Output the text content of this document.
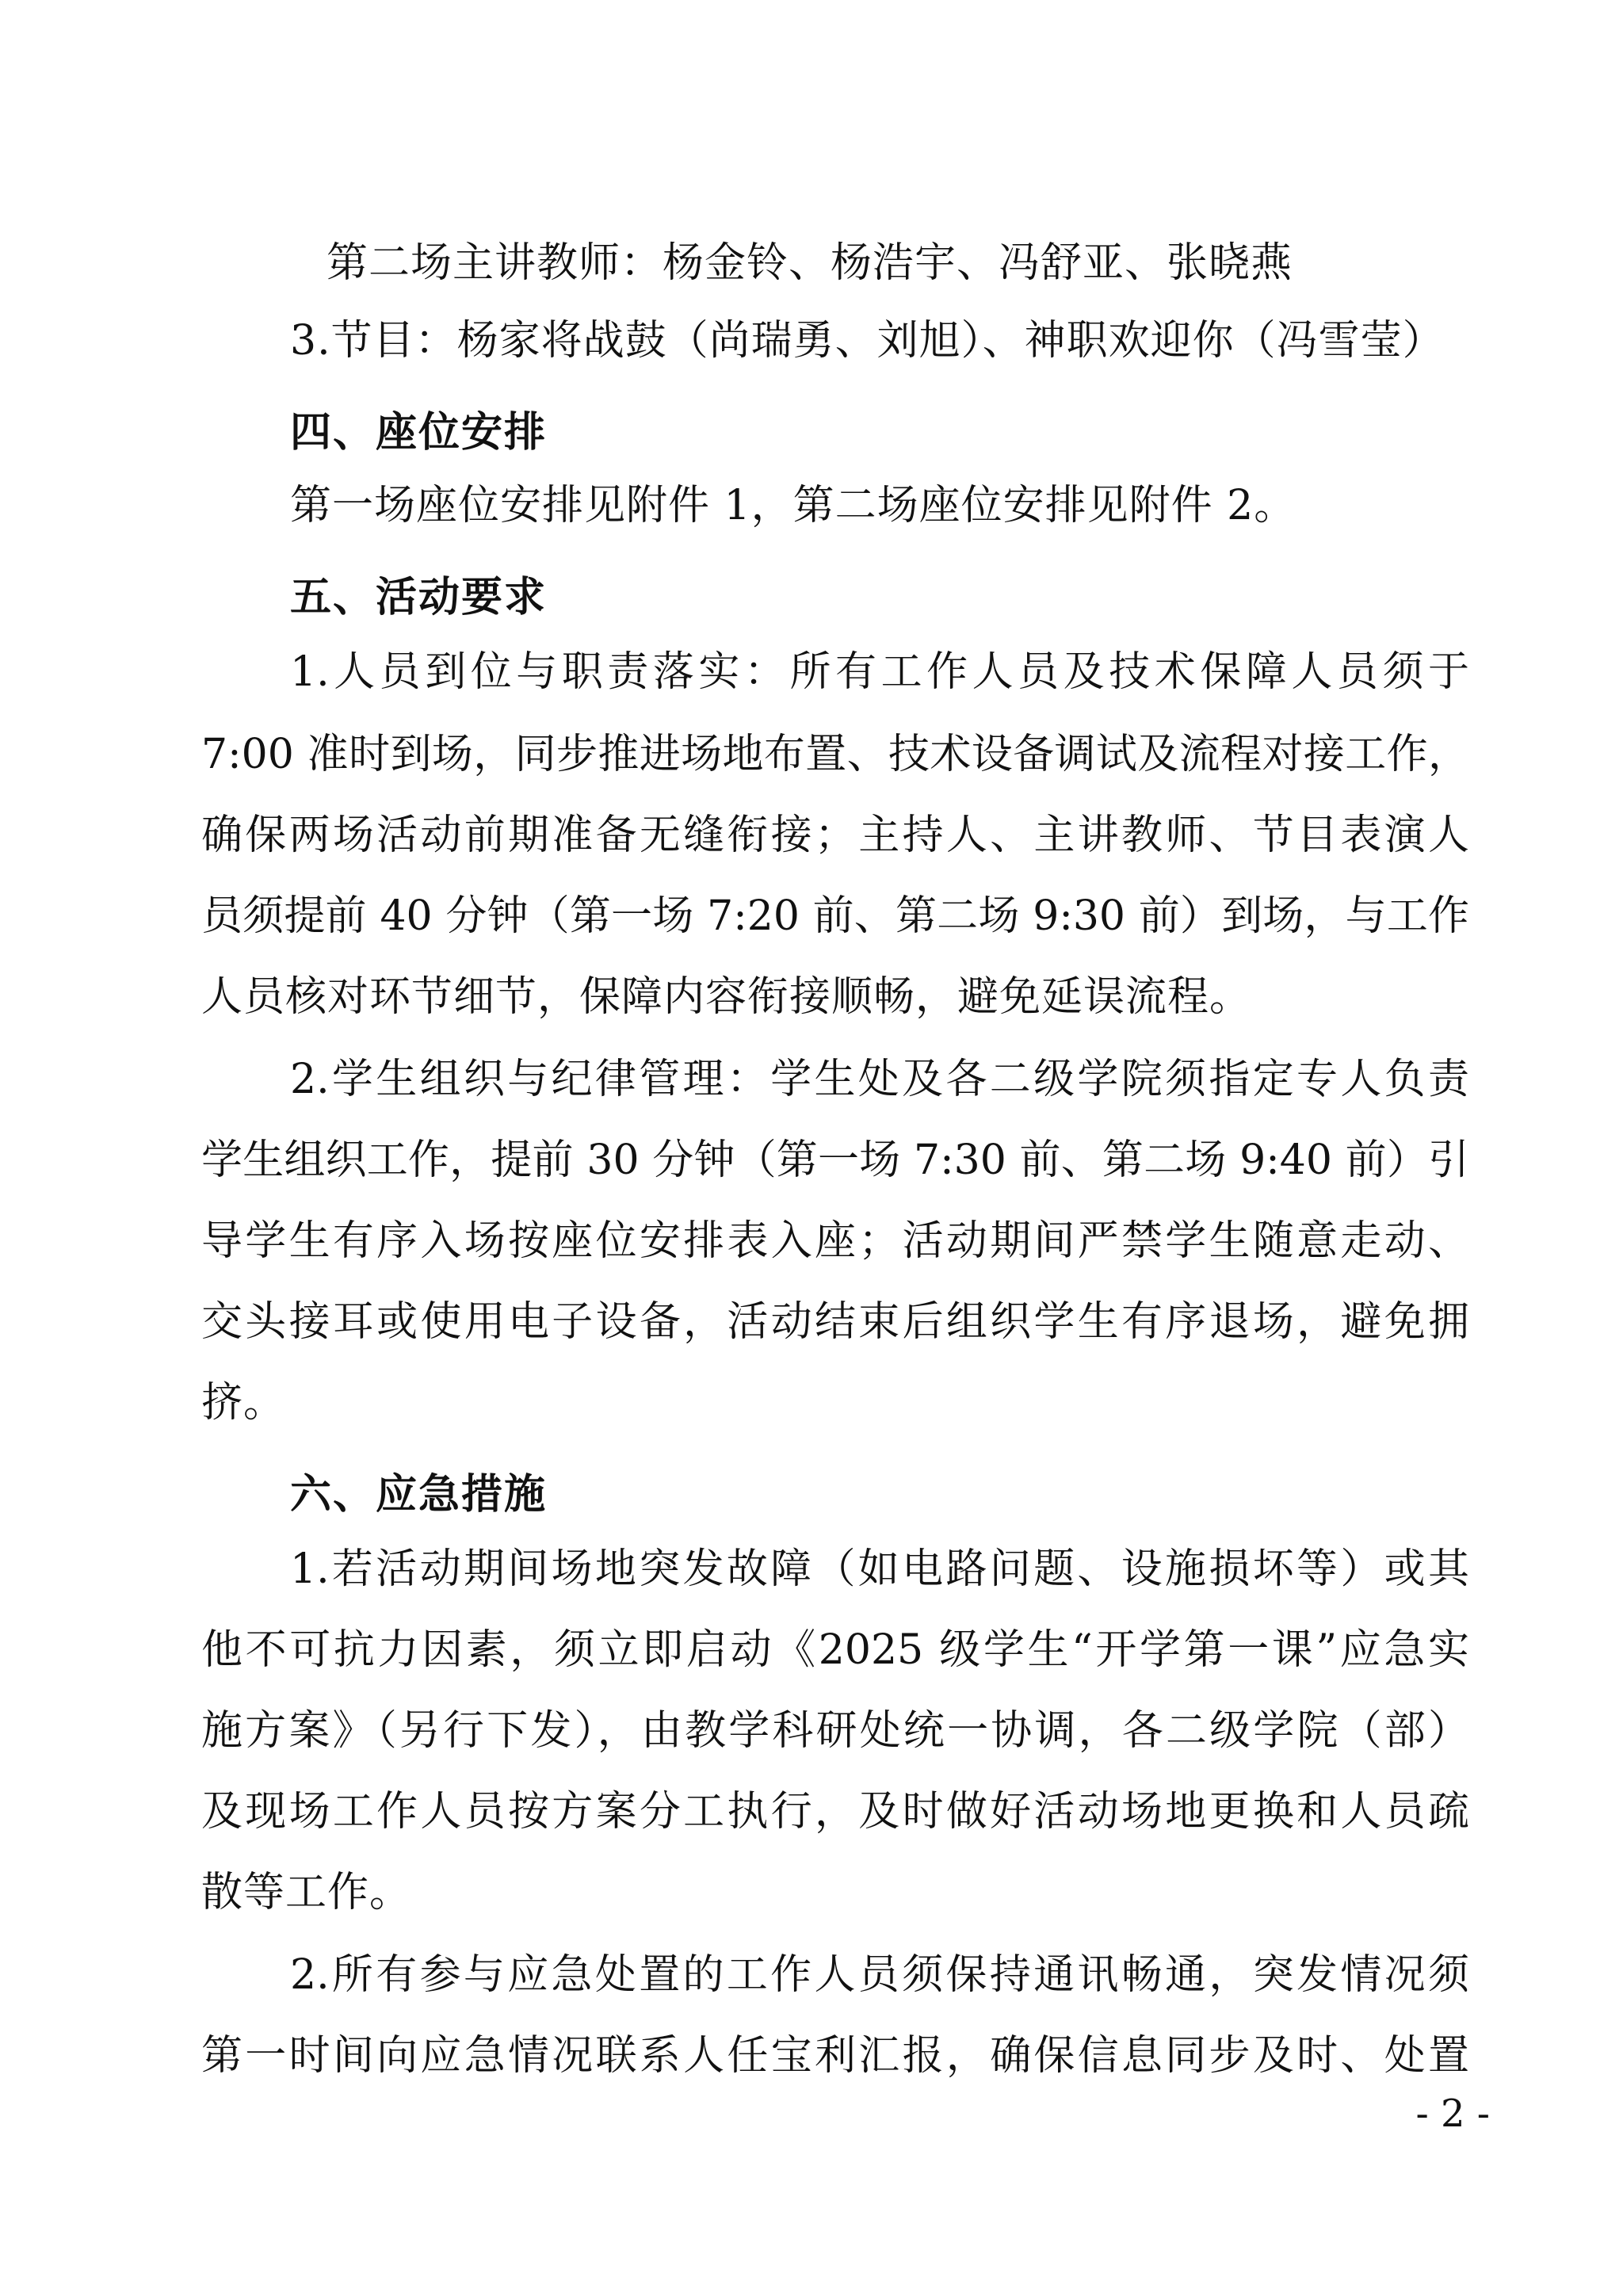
第二场主讲教师：杨金铃、杨浩宇、冯舒亚、张晓燕
3.节目：杨家将战鼓（尚瑞勇、刘旭）、神职欢迎你（冯雪莹）
四、座位安排
第一场座位安排见附件 1，第二场座位安排见附件 2。
五、活动要求
1.人员到位与职责落实：所有工作人员及技术保障人员须于
7:00 准时到场，同步推进场地布置、技术设备调试及流程对接工作，
确保两场活动前期准备无缝衔接；主持人、主讲教师、节目表演人
员须提前 40 分钟（第一场 7:20 前、第二场 9:30 前）到场，与工作
人员核对环节细节，保障内容衔接顺畅，避免延误流程。
2.学生组织与纪律管理：学生处及各二级学院须指定专人负责
学生组织工作，提前 30 分钟（第一场 7:30 前、第二场 9:40 前）引
导学生有序入场按座位安排表入座；活动期间严禁学生随意走动、
交头接耳或使用电子设备，活动结束后组织学生有序退场，避免拥
挤。
六、应急措施
1.若活动期间场地突发故障（如电路问题、设施损坏等）或其
他不可抗力因素，须立即启动《2025 级学生“开学第一课”应急实
施方案》（另行下发），由教学科研处统一协调，各二级学院（部）
及现场工作人员按方案分工执行，及时做好活动场地更换和人员疏
散等工作。
2.所有参与应急处置的工作人员须保持通讯畅通，突发情况须
第一时间向应急情况联系人任宝利汇报，确保信息同步及时、处置
- 2 -
